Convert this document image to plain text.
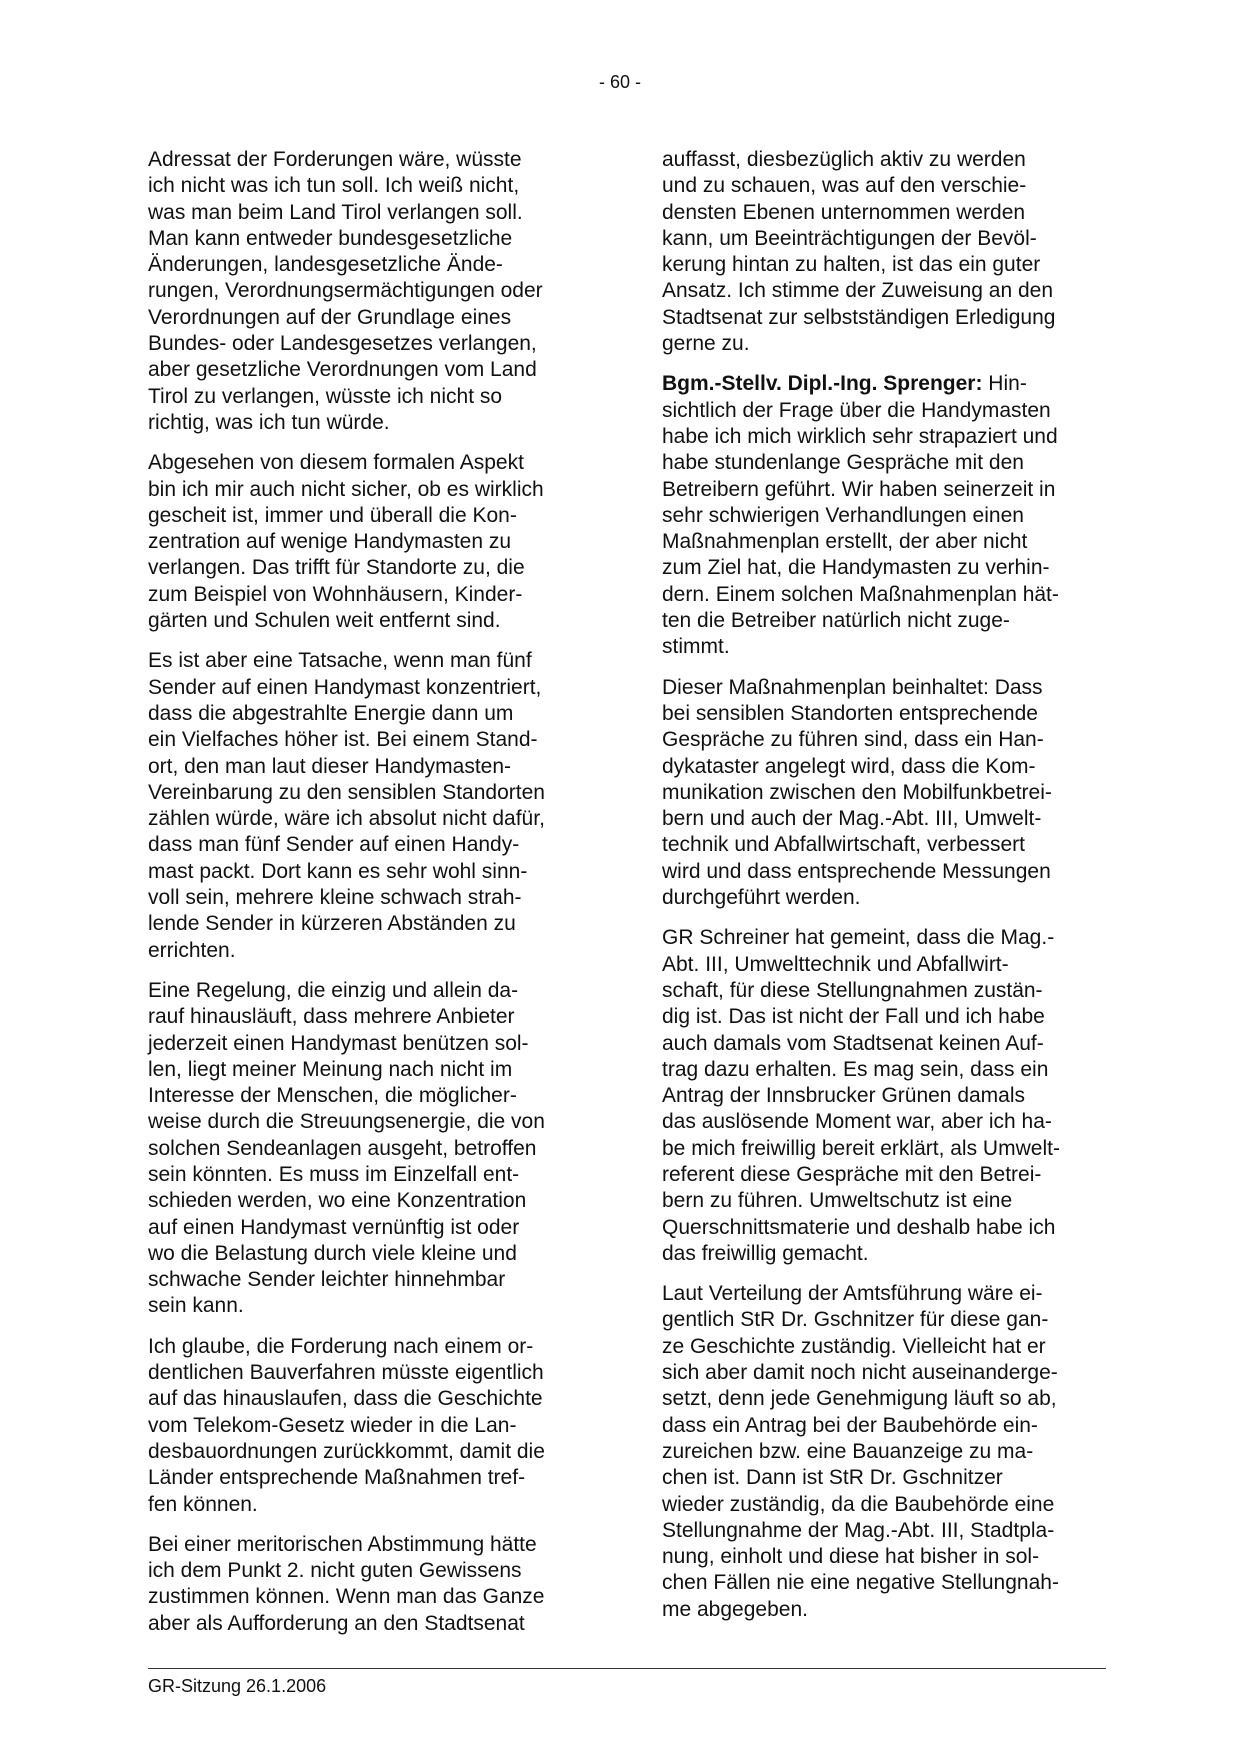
- 60 -

Adressat der Forderungen wäre, wüsste
ich nicht was ich tun soll. Ich weiß nicht,
was man beim Land Tirol verlangen soll.
Man kann entweder bundesgesetzliche
Änderungen, landesgesetzliche Ände-
rungen, Verordnungsermächtigungen oder
Verordnungen auf der Grundlage eines
Bundes- oder Landesgesetzes verlangen,
aber gesetzliche Verordnungen vom Land
Tirol zu verlangen, wüsste ich nicht so
richtig, was ich tun würde.

Abgesehen von diesem formalen Aspekt
bin ich mir auch nicht sicher, ob es wirklich
gescheit ist, immer und überall die Kon-
zentration auf wenige Handymasten zu
verlangen. Das trifft für Standorte zu, die
zum Beispiel von Wohnhäusern, Kinder-
gärten und Schulen weit entfernt sind.

Es ist aber eine Tatsache, wenn man fünf
Sender auf einen Handymast konzentriert,
dass die abgestrahlte Energie dann um
ein Vielfaches höher ist. Bei einem Stand-
ort, den man laut dieser Handymasten-
Vereinbarung zu den sensiblen Standorten
zählen würde, wäre ich absolut nicht dafür,
dass man fünf Sender auf einen Handy-
mast packt. Dort kann es sehr wohl sinn-
voll sein, mehrere kleine schwach strah-
lende Sender in kürzeren Abständen zu
errichten.

Eine Regelung, die einzig und allein da-
rauf hinausläuft, dass mehrere Anbieter
jederzeit einen Handymast benützen sol-
len, liegt meiner Meinung nach nicht im
Interesse der Menschen, die möglicher-
weise durch die Streuungsenergie, die von
solchen Sendeanlagen ausgeht, betroffen
sein könnten. Es muss im Einzelfall ent-
schieden werden, wo eine Konzentration
auf einen Handymast vernünftig ist oder
wo die Belastung durch viele kleine und
schwache Sender leichter hinnehmbar
sein kann.

Ich glaube, die Forderung nach einem or-
dentlichen Bauverfahren müsste eigentlich
auf das hinauslaufen, dass die Geschichte
vom Telekom-Gesetz wieder in die Lan-
desbauordnungen zurückkommt, damit die
Länder entsprechende Maßnahmen tref-
fen können.

Bei einer meritorischen Abstimmung hätte
ich dem Punkt 2. nicht guten Gewissens
zustimmen können. Wenn man das Ganze
aber als Aufforderung an den Stadtsenat

auffasst, diesbezüglich aktiv zu werden
und zu schauen, was auf den verschie-
densten Ebenen unternommen werden
kann, um Beeinträchtigungen der Bevöl-
kerung hintan zu halten, ist das ein guter
Ansatz. Ich stimme der Zuweisung an den
Stadtsenat zur selbstständigen Erledigung
gerne zu.

Bgm.-Stellv. Dipl.-Ing. Sprenger: Hin-
sichtlich der Frage über die Handymasten
habe ich mich wirklich sehr strapaziert und
habe stundenlange Gespräche mit den
Betreibern geführt. Wir haben seinerzeit in
sehr schwierigen Verhandlungen einen
Maßnahmenplan erstellt, der aber nicht
zum Ziel hat, die Handymasten zu verhin-
dern. Einem solchen Maßnahmenplan hät-
ten die Betreiber natürlich nicht zuge-
stimmt.

Dieser Maßnahmenplan beinhaltet: Dass
bei sensiblen Standorten entsprechende
Gespräche zu führen sind, dass ein Han-
dykataster angelegt wird, dass die Kom-
munikation zwischen den Mobilfunkbetrei-
bern und auch der Mag.-Abt. III, Umwelt-
technik und Abfallwirtschaft, verbessert
wird und dass entsprechende Messungen
durchgeführt werden.

GR Schreiner hat gemeint, dass die Mag.-
Abt. III, Umwelttechnik und Abfallwirt-
schaft, für diese Stellungnahmen zustän-
dig ist. Das ist nicht der Fall und ich habe
auch damals vom Stadtsenat keinen Auf-
trag dazu erhalten. Es mag sein, dass ein
Antrag der Innsbrucker Grünen damals
das auslösende Moment war, aber ich ha-
be mich freiwillig bereit erklärt, als Umwelt-
referent diese Gespräche mit den Betrei-
bern zu führen. Umweltschutz ist eine
Querschnittsmaterie und deshalb habe ich
das freiwillig gemacht.

Laut Verteilung der Amtsführung wäre ei-
gentlich StR Dr. Gschnitzer für diese gan-
ze Geschichte zuständig. Vielleicht hat er
sich aber damit noch nicht auseinanderge-
setzt, denn jede Genehmigung läuft so ab,
dass ein Antrag bei der Baubehörde ein-
zureichen bzw. eine Bauanzeige zu ma-
chen ist. Dann ist StR Dr. Gschnitzer
wieder zuständig, da die Baubehörde eine
Stellungnahme der Mag.-Abt. III, Stadtpla-
nung, einholt und diese hat bisher in sol-
chen Fällen nie eine negative Stellungnah-
me abgegeben.

GR-Sitzung 26.1.2006
